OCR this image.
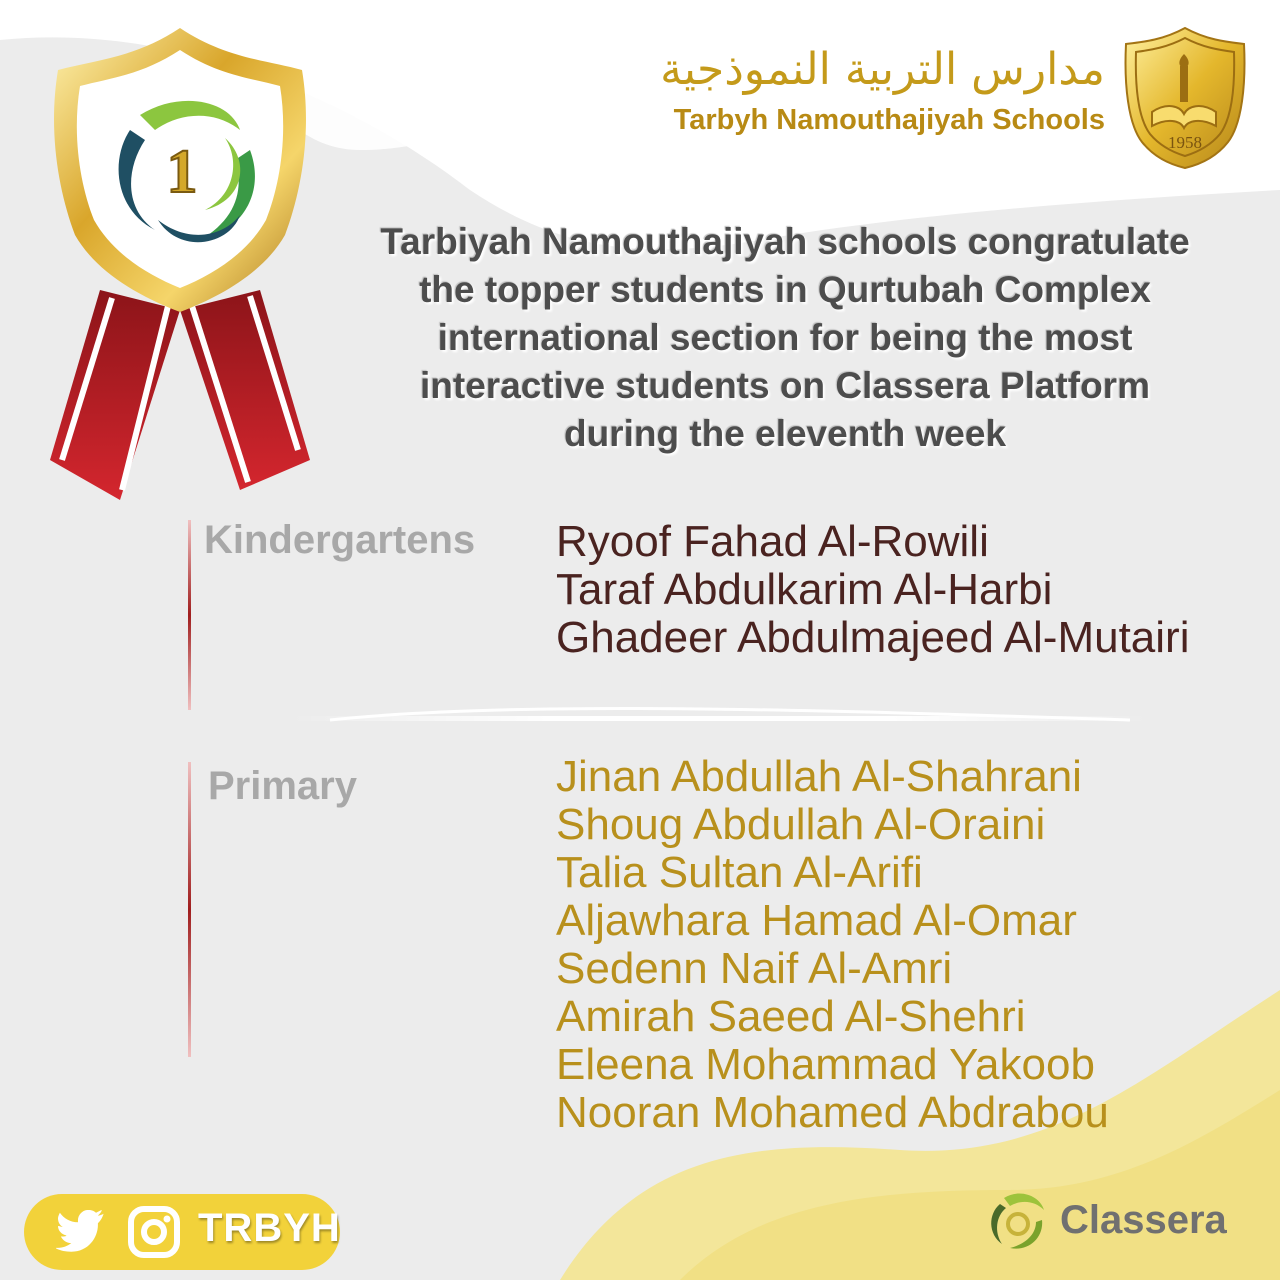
1	1958
مدارس التربية النموذجية
Tarbyh Namouthajiyah Schools
Tarbiyah Namouthajiyah schools congratulate
the topper students in Qurtubah Complex
international section for being the most
interactive students on Classera Platform
during the eleventh week
Kindergartens Ryoof Fahad Al-Rowili
Taraf Abdulkarim Al-Harbi
Ghadeer Abdulmajeed Al-Mutairi
Primary	Jinan Abdullah Al-Shahrani
Shoug Abdullah Al-Oraini
Talia Sultan Al-Arifi
Aljawhara Hamad Al-Omar
Sedenn Naif Al-Amri
Amirah Saeed Al-Shehri
Eleena Mohammad Yakoob
Nooran Mohamed Abdrabou
TRBYH	Classera
